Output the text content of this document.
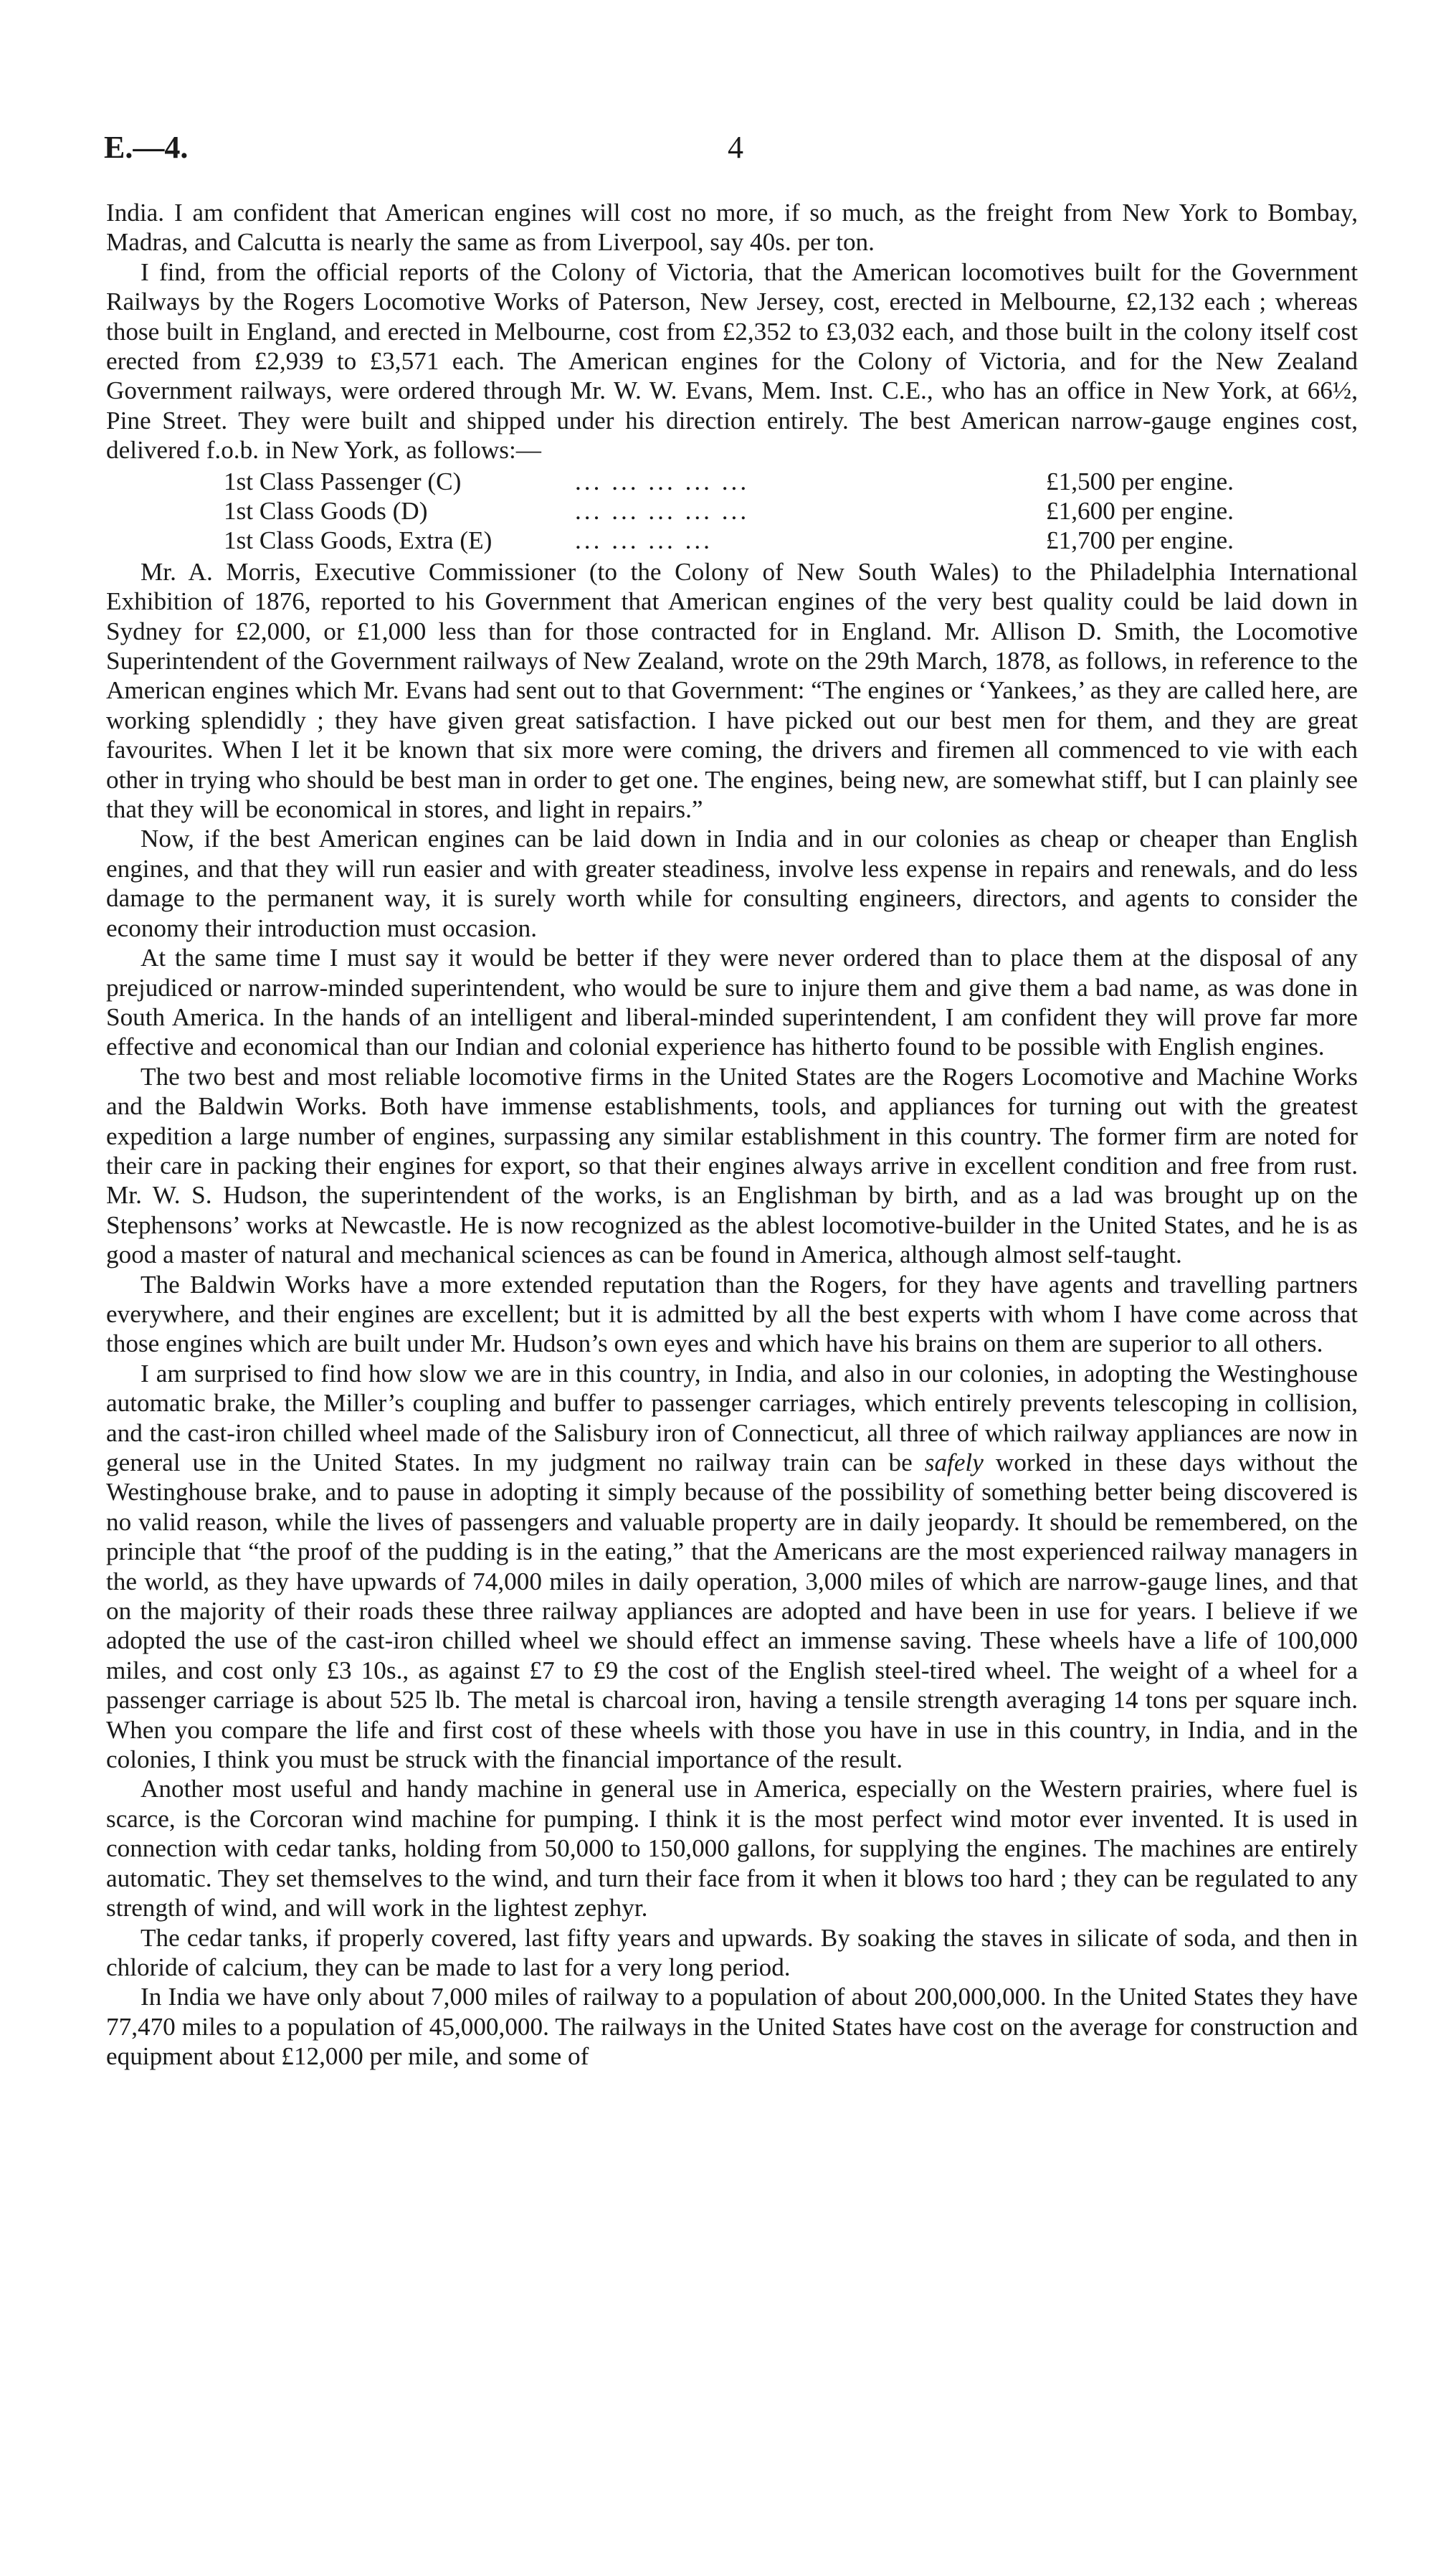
E.—4.	4

India. I am confident that American engines will cost no more, if so much, as the freight from New York to Bombay, Madras, and Calcutta is nearly the same as from Liverpool, say 40s. per ton.

I find, from the official reports of the Colony of Victoria, that the American locomotives built for the Government Railways by the Rogers Locomotive Works of Paterson, New Jersey, cost, erected in Melbourne, £2,132 each ; whereas those built in England, and erected in Melbourne, cost from £2,352 to £3,032 each, and those built in the colony itself cost erected from £2,939 to £3,571 each. The American engines for the Colony of Victoria, and for the New Zealand Government railways, were ordered through Mr. W. W. Evans, Mem. Inst. C.E., who has an office in New York, at 66½, Pine Street. They were built and shipped under his direction entirely. The best American narrow-gauge engines cost, delivered f.o.b. in New York, as follows:—

1st Class Passenger (C)	... ... ... ... ...	£1,500 per engine.
1st Class Goods (D)	... ... ... ... ...	£1,600 per engine.
1st Class Goods, Extra (E)	... ... ... ...	£1,700 per engine.

Mr. A. Morris, Executive Commissioner (to the Colony of New South Wales) to the Philadelphia International Exhibition of 1876, reported to his Government that American engines of the very best quality could be laid down in Sydney for £2,000, or £1,000 less than for those contracted for in England. Mr. Allison D. Smith, the Locomotive Superintendent of the Government railways of New Zealand, wrote on the 29th March, 1878, as follows, in reference to the American engines which Mr. Evans had sent out to that Government: “The engines or ‘Yankees,’ as they are called here, are working splendidly ; they have given great satisfaction. I have picked out our best men for them, and they are great favourites. When I let it be known that six more were coming, the drivers and firemen all commenced to vie with each other in trying who should be best man in order to get one. The engines, being new, are somewhat stiff, but I can plainly see that they will be economical in stores, and light in repairs.”

Now, if the best American engines can be laid down in India and in our colonies as cheap or cheaper than English engines, and that they will run easier and with greater steadiness, involve less expense in repairs and renewals, and do less damage to the permanent way, it is surely worth while for consulting engineers, directors, and agents to consider the economy their introduction must occasion.

At the same time I must say it would be better if they were never ordered than to place them at the disposal of any prejudiced or narrow-minded superintendent, who would be sure to injure them and give them a bad name, as was done in South America. In the hands of an intelligent and liberal-minded superintendent, I am confident they will prove far more effective and economical than our Indian and colonial experience has hitherto found to be possible with English engines.

The two best and most reliable locomotive firms in the United States are the Rogers Locomotive and Machine Works and the Baldwin Works. Both have immense establishments, tools, and appliances for turning out with the greatest expedition a large number of engines, surpassing any similar establishment in this country. The former firm are noted for their care in packing their engines for export, so that their engines always arrive in excellent condition and free from rust. Mr. W. S. Hudson, the superintendent of the works, is an Englishman by birth, and as a lad was brought up on the Stephensons’ works at Newcastle. He is now recognized as the ablest locomotive-builder in the United States, and he is as good a master of natural and mechanical sciences as can be found in America, although almost self-taught.

The Baldwin Works have a more extended reputation than the Rogers, for they have agents and travelling partners everywhere, and their engines are excellent; but it is admitted by all the best experts with whom I have come across that those engines which are built under Mr. Hudson’s own eyes and which have his brains on them are superior to all others.

I am surprised to find how slow we are in this country, in India, and also in our colonies, in adopting the Westinghouse automatic brake, the Miller’s coupling and buffer to passenger carriages, which entirely prevents telescoping in collision, and the cast-iron chilled wheel made of the Salisbury iron of Connecticut, all three of which railway appliances are now in general use in the United States. In my judgment no railway train can be safely worked in these days without the Westinghouse brake, and to pause in adopting it simply because of the possibility of something better being discovered is no valid reason, while the lives of passengers and valuable property are in daily jeopardy. It should be remembered, on the principle that “the proof of the pudding is in the eating,” that the Americans are the most experienced railway managers in the world, as they have upwards of 74,000 miles in daily operation, 3,000 miles of which are narrow-gauge lines, and that on the majority of their roads these three railway appliances are adopted and have been in use for years. I believe if we adopted the use of the cast-iron chilled wheel we should effect an immense saving. These wheels have a life of 100,000 miles, and cost only £3 10s., as against £7 to £9 the cost of the English steel-tired wheel. The weight of a wheel for a passenger carriage is about 525 lb. The metal is charcoal iron, having a tensile strength averaging 14 tons per square inch. When you compare the life and first cost of these wheels with those you have in use in this country, in India, and in the colonies, I think you must be struck with the financial importance of the result.

Another most useful and handy machine in general use in America, especially on the Western prairies, where fuel is scarce, is the Corcoran wind machine for pumping. I think it is the most perfect wind motor ever invented. It is used in connection with cedar tanks, holding from 50,000 to 150,000 gallons, for supplying the engines. The machines are entirely automatic. They set themselves to the wind, and turn their face from it when it blows too hard ; they can be regulated to any strength of wind, and will work in the lightest zephyr.

The cedar tanks, if properly covered, last fifty years and upwards. By soaking the staves in silicate of soda, and then in chloride of calcium, they can be made to last for a very long period.

In India we have only about 7,000 miles of railway to a population of about 200,000,000. In the United States they have 77,470 miles to a population of 45,000,000. The railways in the United States have cost on the average for construction and equipment about £12,000 per mile, and some of
